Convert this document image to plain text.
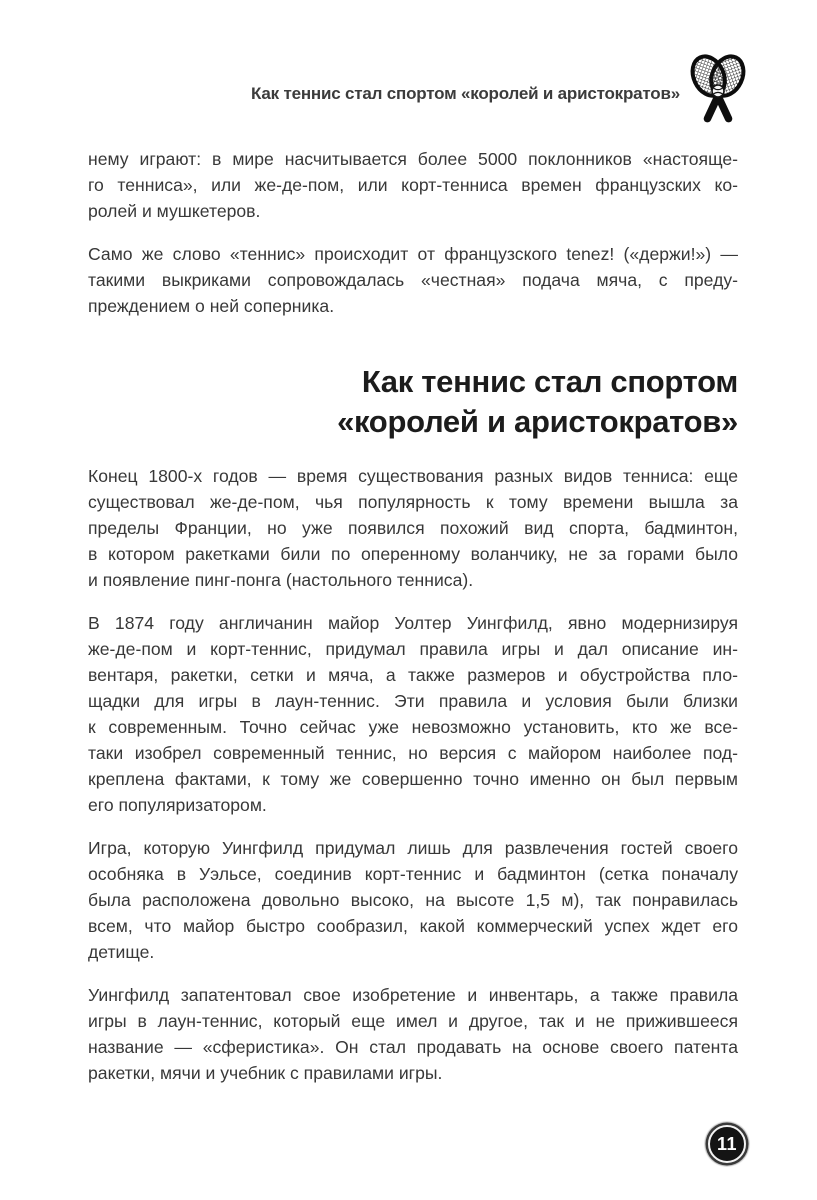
Как теннис стал спортом «королей и аристократов»

нему играют: в мире насчитывается более 5000 поклонников «настояще-
го тенниса», или же-де-пом, или корт-тенниса времен французских ко-
ролей и мушкетеров.

Само же слово «теннис» происходит от французского tenez! («держи!») —
такими выкриками сопровождалась «честная» подача мяча, с преду-
преждением о ней соперника.

Как теннис стал спортом
«королей и аристократов»

Конец 1800-х годов — время существования разных видов тенниса: еще
существовал же-де-пом, чья популярность к тому времени вышла за
пределы Франции, но уже появился похожий вид спорта, бадминтон,
в котором ракетками били по оперенному воланчику, не за горами было
и появление пинг-понга (настольного тенниса).

В 1874 году англичанин майор Уолтер Уингфилд, явно модернизируя
же-де-пом и корт-теннис, придумал правила игры и дал описание ин-
вентаря, ракетки, сетки и мяча, а также размеров и обустройства пло-
щадки для игры в лаун-теннис. Эти правила и условия были близки
к современным. Точно сейчас уже невозможно установить, кто же все-
таки изобрел современный теннис, но версия с майором наиболее под-
креплена фактами, к тому же совершенно точно именно он был первым
его популяризатором.

Игра, которую Уингфилд придумал лишь для развлечения гостей своего
особняка в Уэльсе, соединив корт-теннис и бадминтон (сетка поначалу
была расположена довольно высоко, на высоте 1,5 м), так понравилась
всем, что майор быстро сообразил, какой коммерческий успех ждет его
детище.

Уингфилд запатентовал свое изобретение и инвентарь, а также правила
игры в лаун-теннис, который еще имел и другое, так и не прижившееся
название — «сферистика». Он стал продавать на основе своего патента
ракетки, мячи и учебник с правилами игры.

11
